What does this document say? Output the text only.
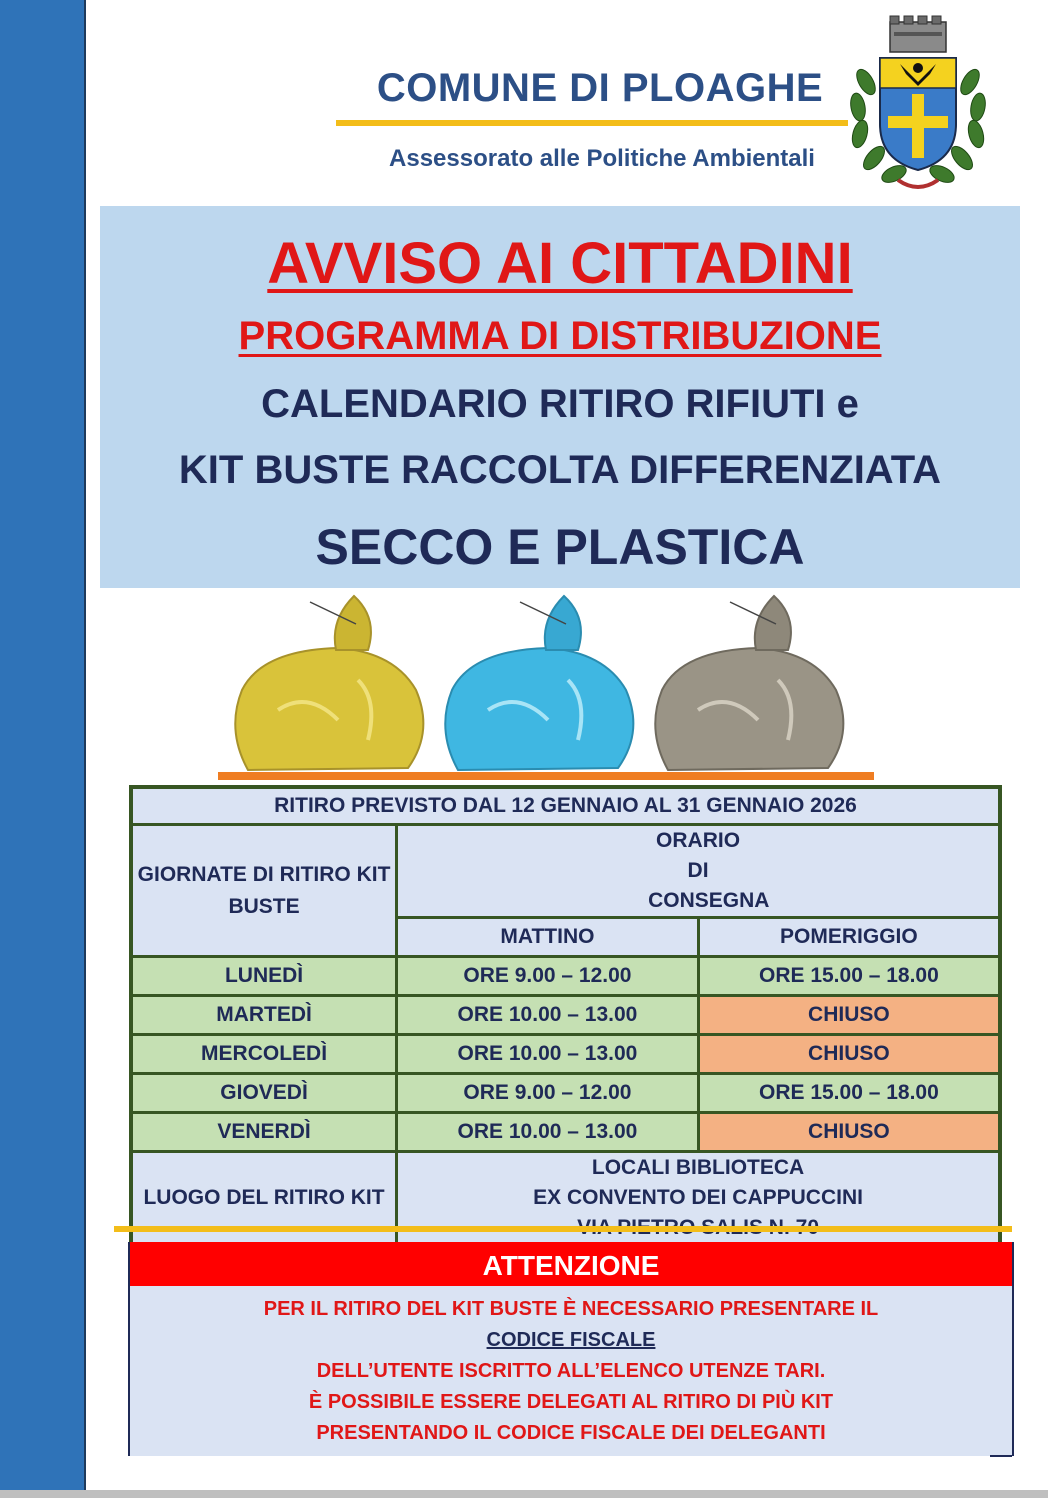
COMUNE DI PLOAGHE
Assessorato alle Politiche Ambientali
AVVISO AI CITTADINI
PROGRAMMA DI DISTRIBUZIONE
CALENDARIO RITIRO RIFIUTI e
KIT BUSTE RACCOLTA DIFFERENZIATA
SECCO E PLASTICA
RITIRO PREVISTO DAL 12 GENNAIO AL 31 GENNAIO 2026		
GIORNATE DI RITIRO KIT BUSTE	ORARIO DI CONSEGNA	
	MATTINO	POMERIGGIO
LUNEDÌ	ORE 9.00 – 12.00	ORE 15.00 – 18.00
MARTEDÌ	ORE 10.00 – 13.00	CHIUSO
MERCOLEDÌ	ORE 10.00 – 13.00	CHIUSO
GIOVEDÌ	ORE 9.00 – 12.00	ORE 15.00 – 18.00
VENERDÌ	ORE 10.00 – 13.00	CHIUSO
LUOGO DEL RITIRO KIT	LOCALI BIBLIOTECA
EX CONVENTO DEI CAPPUCCINI	
ATTENZIONE
PER IL RITIRO DEL KIT BUSTE È NECESSARIO PRESENTARE IL
CODICE FISCALE
DELL’UTENTE ISCRITTO ALL’ELENCO UTENZE TARI.
È POSSIBILE ESSERE DELEGATI AL RITIRO DI PIÙ KIT
PRESENTANDO IL CODICE FISCALE DEI DELEGANTI
